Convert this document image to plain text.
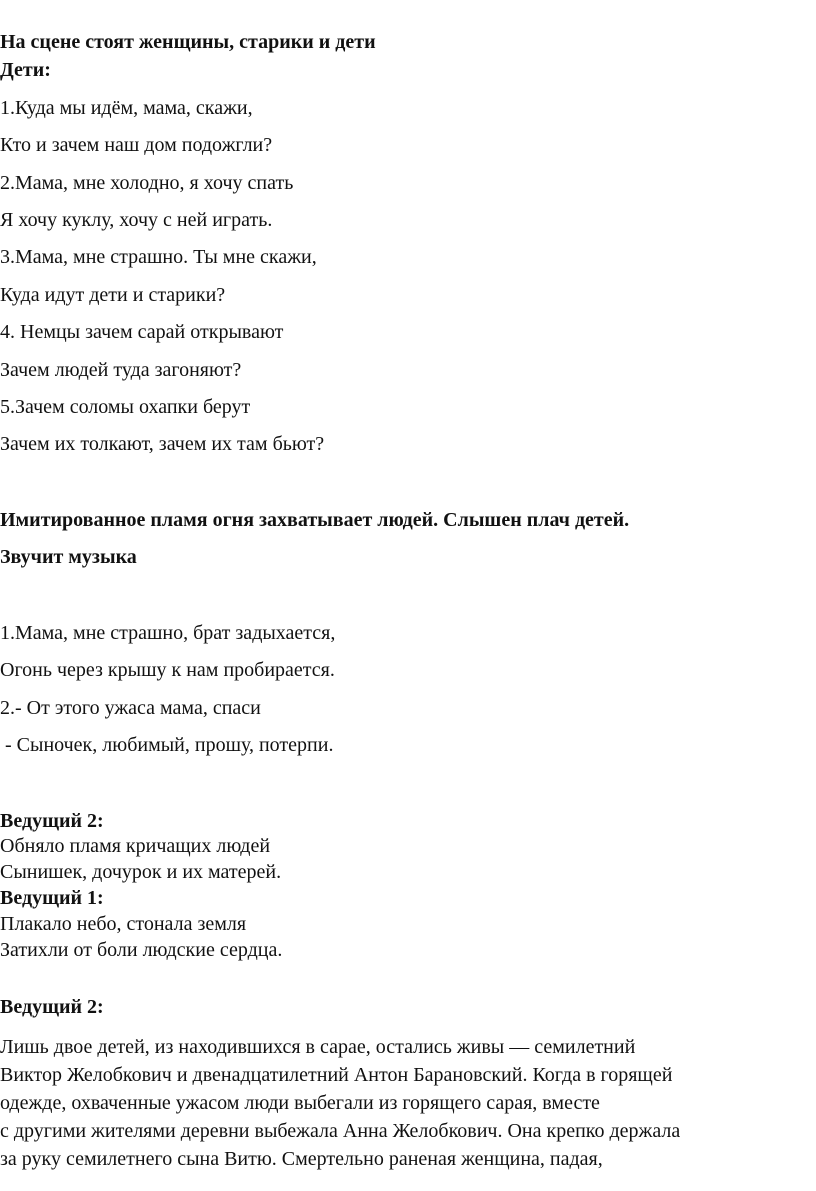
На сцене стоят женщины, старики и дети
Дети:
1.Куда мы идём, мама, скажи,
Кто и зачем наш дом подожгли?
2.Мама, мне холодно, я хочу спать
Я хочу куклу, хочу с ней играть.
3.Мама, мне страшно. Ты мне скажи,
Куда идут дети и старики?
4. Немцы зачем сарай открывают
Зачем людей туда загоняют?
5.Зачем соломы охапки берут
Зачем их толкают, зачем их там бьют?
Имитированное пламя огня захватывает людей. Слышен плач детей.
Звучит музыка
1.Мама, мне страшно, брат задыхается,
Огонь через крышу к нам пробирается.
2.- От этого ужаса мама, спаси
- Сыночек, любимый, прошу, потерпи.
Ведущий 2:
Обняло пламя кричащих людей
Сынишек, дочурок и их матерей.
Ведущий 1:
Плакало небо, стонала земля
Затихли от боли людские сердца.
Ведущий 2:
Лишь двое детей, из находившихся в сарае, остались живы — семилетний
Виктор Желобкович и двенадцатилетний Антон Барановский. Когда в горящей
одежде, охваченные ужасом люди выбегали из горящего сарая, вместе
с другими жителями деревни выбежала Анна Желобкович. Она крепко держала
за руку семилетнего сына Витю. Смертельно раненая женщина, падая,
